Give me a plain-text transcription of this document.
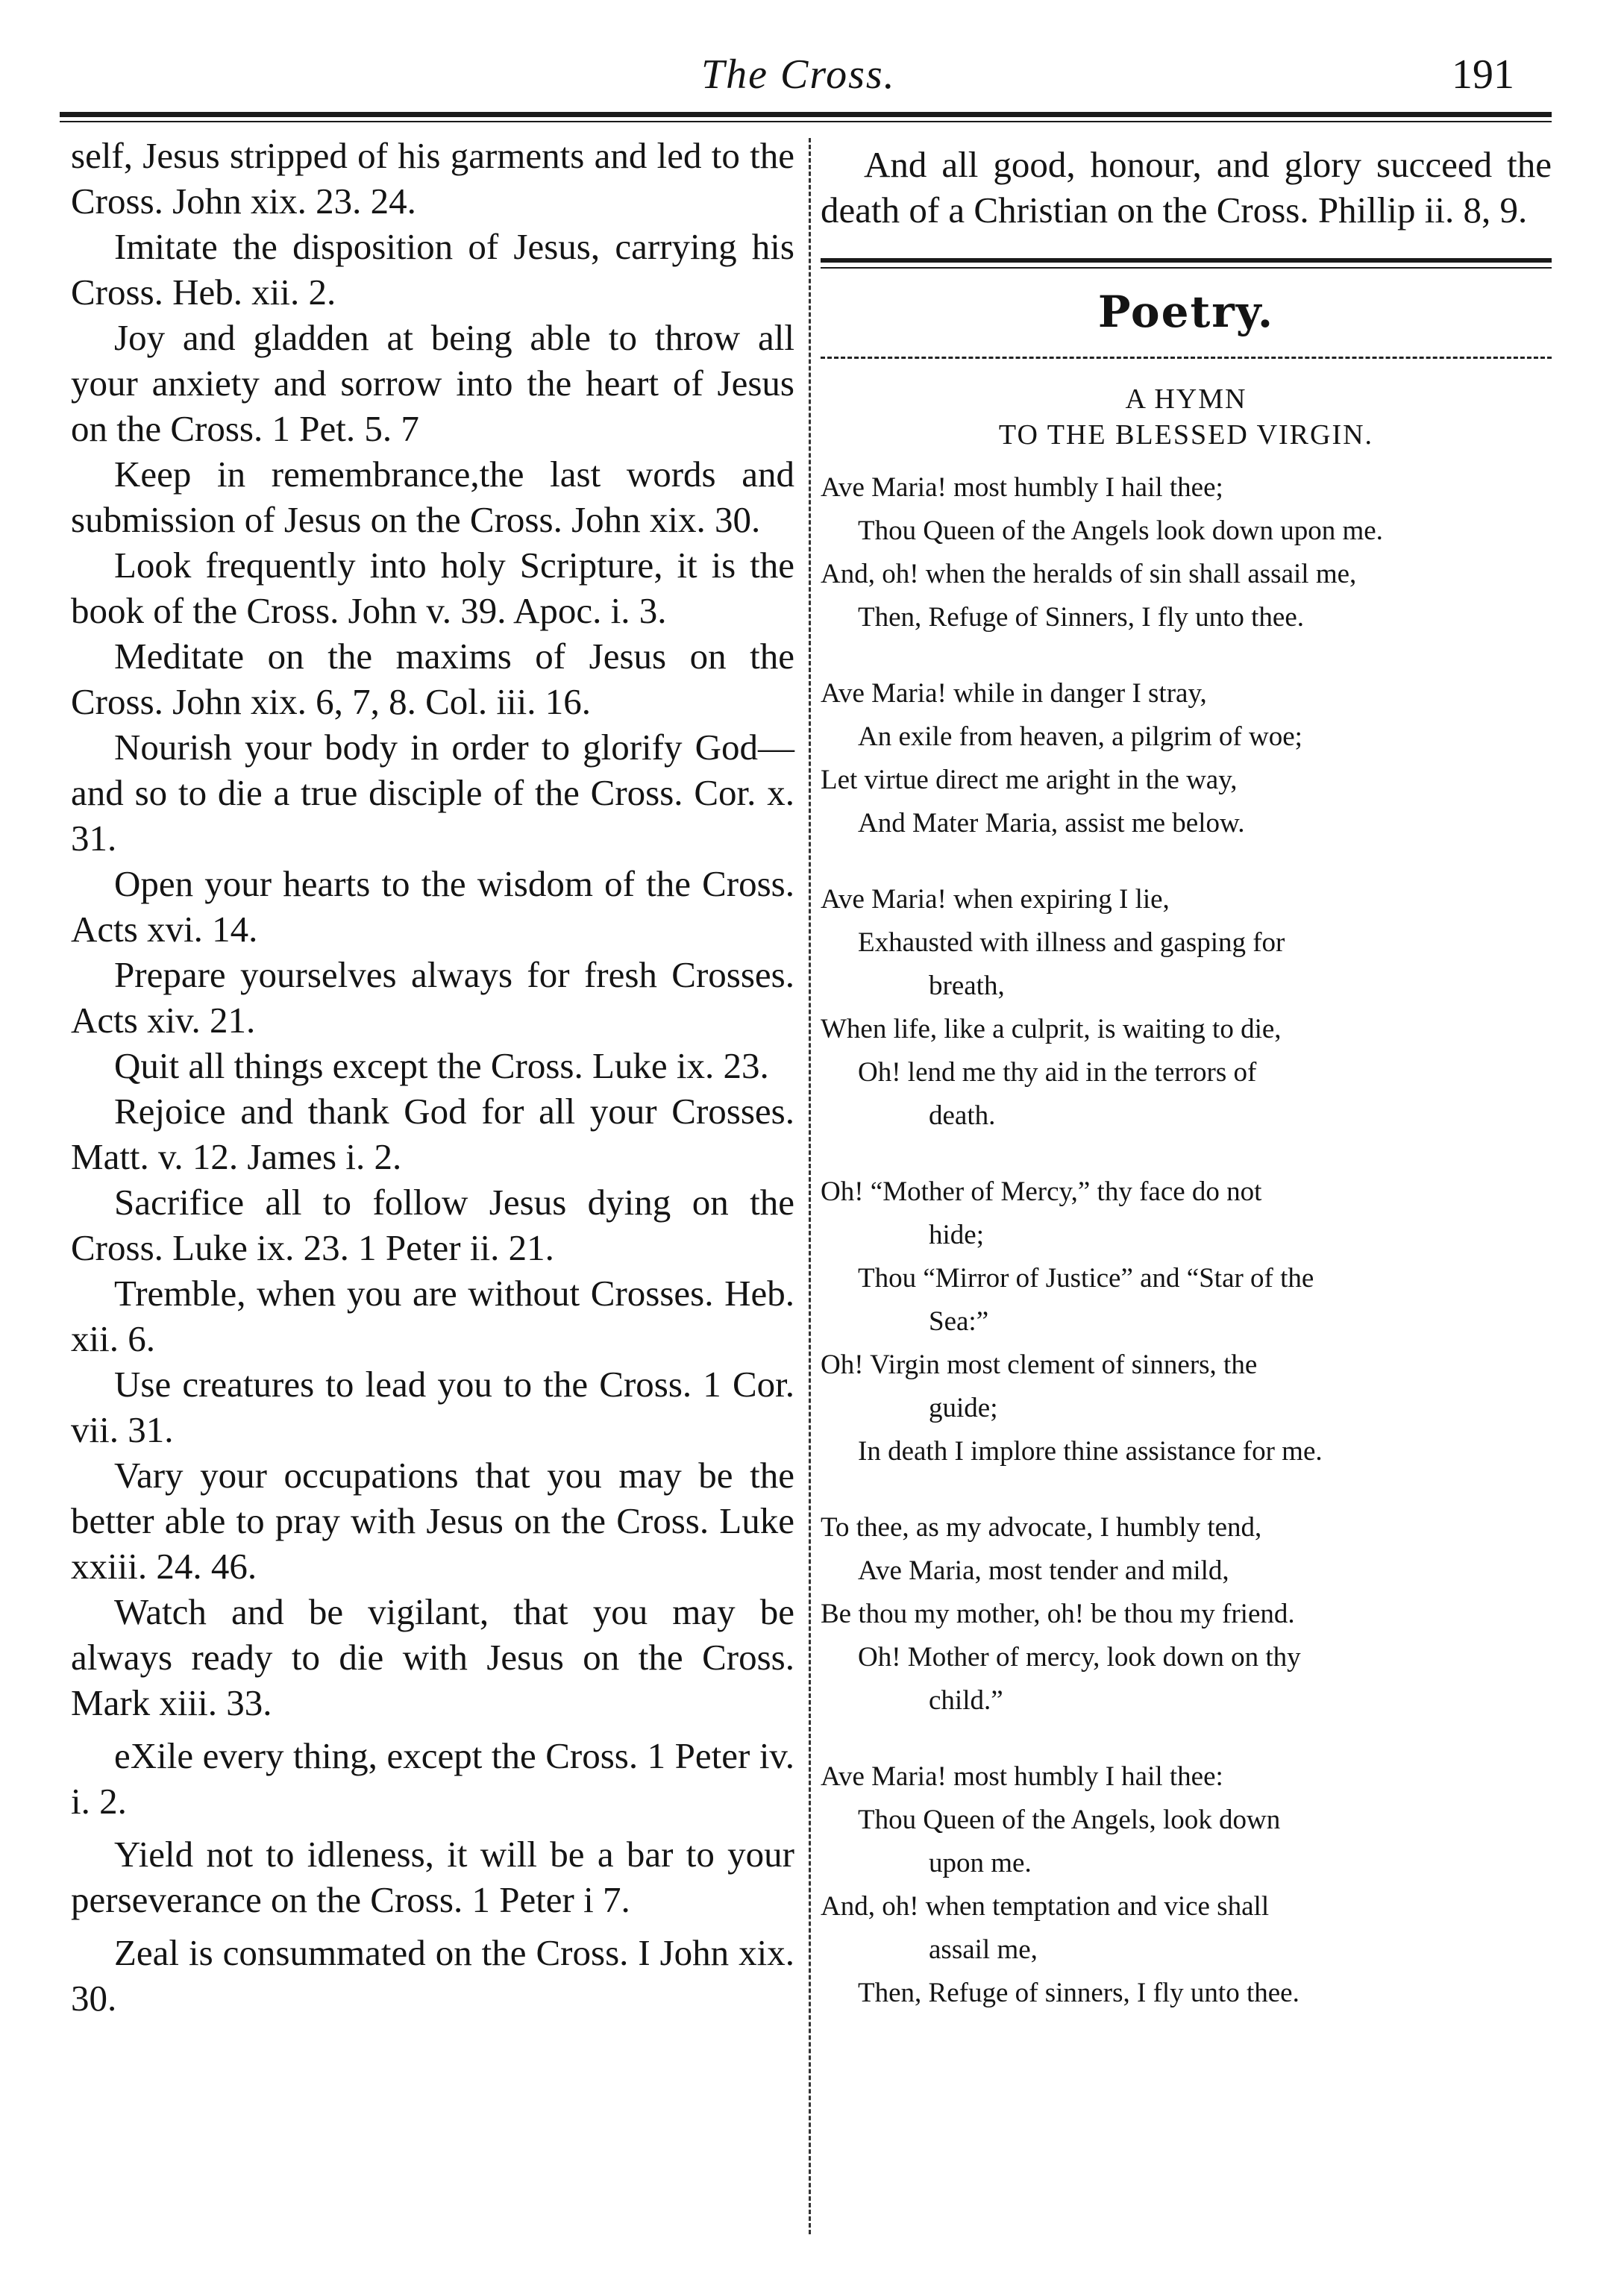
The Cross.	191

self, Jesus stripped of his garments and led to the Cross. John xix. 23. 24.

Imitate the disposition of Jesus, carrying his Cross. Heb. xii. 2.

Joy and gladden at being able to throw all your anxiety and sorrow into the heart of Jesus on the Cross. 1 Pet. 5. 7

Keep in remembrance,the last words and submission of Jesus on the Cross. John xix. 30.

Look frequently into holy Scripture, it is the book of the Cross. John v. 39. Apoc. i. 3.

Meditate on the maxims of Jesus on the Cross. John xix. 6, 7, 8. Col. iii. 16.

Nourish your body in order to glorify God—and so to die a true disciple of the Cross. Cor. x. 31.

Open your hearts to the wisdom of the Cross. Acts xvi. 14.

Prepare yourselves always for fresh Crosses. Acts xiv. 21.

Quit all things except the Cross. Luke ix. 23.

Rejoice and thank God for all your Crosses. Matt. v. 12. James i. 2.

Sacrifice all to follow Jesus dying on the Cross. Luke ix. 23. 1 Peter ii. 21.

Tremble, when you are without Crosses. Heb. xii. 6.

Use creatures to lead you to the Cross. 1 Cor. vii. 31.

Vary your occupations that you may be the better able to pray with Jesus on the Cross. Luke xxiii. 24. 46.

Watch and be vigilant, that you may be always ready to die with Jesus on the Cross. Mark xiii. 33.

eXile every thing, except the Cross. 1 Peter iv. i. 2.

Yield not to idleness, it will be a bar to your perseverance on the Cross. 1 Peter i 7.

Zeal is consummated on the Cross. I John xix. 30.

And all good, honour, and glory succeed the death of a Christian on the Cross. Phillip ii. 8, 9.

Poetry.
A HYMN
TO THE BLESSED VIRGIN.

Ave Maria! most humbly I hail thee;

Thou Queen of the Angels look down upon me.

And, oh! when the heralds of sin shall assail me,

Then, Refuge of Sinners, I fly unto thee.

Ave Maria! while in danger I stray,

An exile from heaven, a pilgrim of woe;

Let virtue direct me aright in the way,

And Mater Maria, assist me below.

Ave Maria! when expiring I lie,

Exhausted with illness and gasping for

breath,

When life, like a culprit, is waiting to die,

Oh! lend me thy aid in the terrors of

death.

Oh! “Mother of Mercy,” thy face do not

hide;

Thou “Mirror of Justice” and “Star of the

Sea:”

Oh! Virgin most clement of sinners, the

guide;

In death I implore thine assistance for me.

To thee, as my advocate, I humbly tend,

Ave Maria, most tender and mild,

Be thou my mother, oh! be thou my friend.

Oh! Mother of mercy, look down on thy

child.”

Ave Maria! most humbly I hail thee:

Thou Queen of the Angels, look down

upon me.

And, oh! when temptation and vice shall

assail me,

Then, Refuge of sinners, I fly unto thee.
